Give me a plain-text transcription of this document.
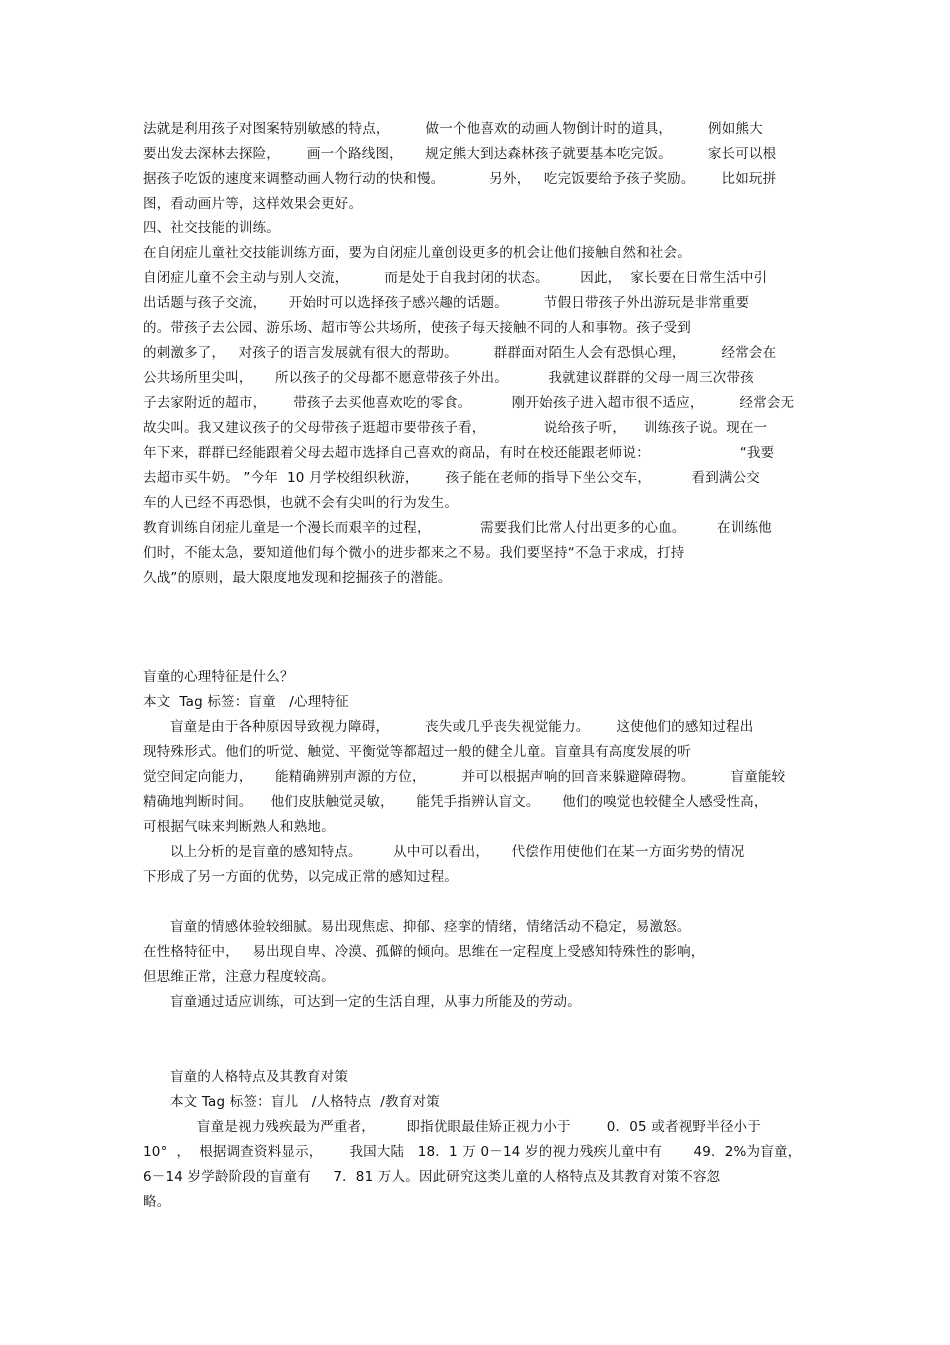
法就是利用孩子对图案特别敏感的特点，        做一个他喜欢的动画人物倒计时的道具，        例如熊大
要出发去深林去探险，      画一个路线图，     规定熊大到达森林孩子就要基本吃完饭。        家长可以根
据孩子吃饭的速度来调整动画人物行动的快和慢。          另外，   吃完饭要给予孩子奖励。      比如玩拼
图，看动画片等，这样效果会更好。
四、社交技能的训练。
在自闭症儿童社交技能训练方面，要为自闭症儿童创设更多的机会让他们接触自然和社会。
自闭症儿童不会主动与别人交流，        而是处于自我封闭的状态。       因此，  家长要在日常生活中引
出话题与孩子交流，     开始时可以选择孩子感兴趣的话题。        节假日带孩子外出游玩是非常重要
的。带孩子去公园、游乐场、超市等公共场所，使孩子每天接触不同的人和事物。孩子受到
的刺激多了，   对孩子的语言发展就有很大的帮助。        群群面对陌生人会有恐惧心理，        经常会在
公共场所里尖叫，     所以孩子的父母都不愿意带孩子外出。         我就建议群群的父母一周三次带孩
子去家附近的超市，      带孩子去买他喜欢吃的零食。         刚开始孩子进入超市很不适应，        经常会无
故尖叫。我又建议孩子的父母带孩子逛超市要带孩子看，             说给孩子听，    训练孩子说。现在一
年下来，群群已经能跟着父母去超市选择自己喜欢的商品，有时在校还能跟老师说：                    “我要
去超市买牛奶。 ”今年  10 月学校组织秋游，      孩子能在老师的指导下坐公交车，         看到满公交
车的人已经不再恐惧，也就不会有尖叫的行为发生。
教育训练自闭症儿童是一个漫长而艰辛的过程，           需要我们比常人付出更多的心血。       在训练他
们时，不能太急，要知道他们每个微小的进步都来之不易。我们要坚持“不急于求成，打持
久战”的原则，最大限度地发现和挖掘孩子的潜能。
盲童的心理特征是什么？
本文  Tag 标签：盲童   /心理特征
盲童是由于各种原因导致视力障碍，        丧失或几乎丧失视觉能力。      这使他们的感知过程出
现特殊形式。他们的听觉、触觉、平衡觉等都超过一般的健全儿童。盲童具有高度发展的听
觉空间定向能力，     能精确辨别声源的方位，        并可以根据声响的回音来躲避障碍物。        盲童能较
精确地判断时间。    他们皮肤触觉灵敏，     能凭手指辨认盲文。     他们的嗅觉也较健全人感受性高，
可根据气味来判断熟人和熟地。
以上分析的是盲童的感知特点。       从中可以看出，     代偿作用使他们在某一方面劣势的情况
下形成了另一方面的优势，以完成正常的感知过程。
盲童的情感体验较细腻。易出现焦虑、抑郁、痉挛的情绪，情绪活动不稳定，易激怒。
在性格特征中，   易出现自卑、冷漠、孤僻的倾向。思维在一定程度上受感知特殊性的影响，
但思维正常，注意力程度较高。
盲童通过适应训练，可达到一定的生活自理，从事力所能及的劳动。
盲童的人格特点及其教育对策
本文 Tag 标签：盲儿   /人格特点  /教育对策
盲童是视力残疾最为严重者，       即指优眼最佳矫正视力小于        0．05 或者视野半径小于
10°  ，  根据调查资料显示，      我国大陆   18．1 万 0－14 岁的视力残疾儿童中有       49．2%为盲童，
6－14 岁学龄阶段的盲童有     7．81 万人。因此研究这类儿童的人格特点及其教育对策不容忽
略。
